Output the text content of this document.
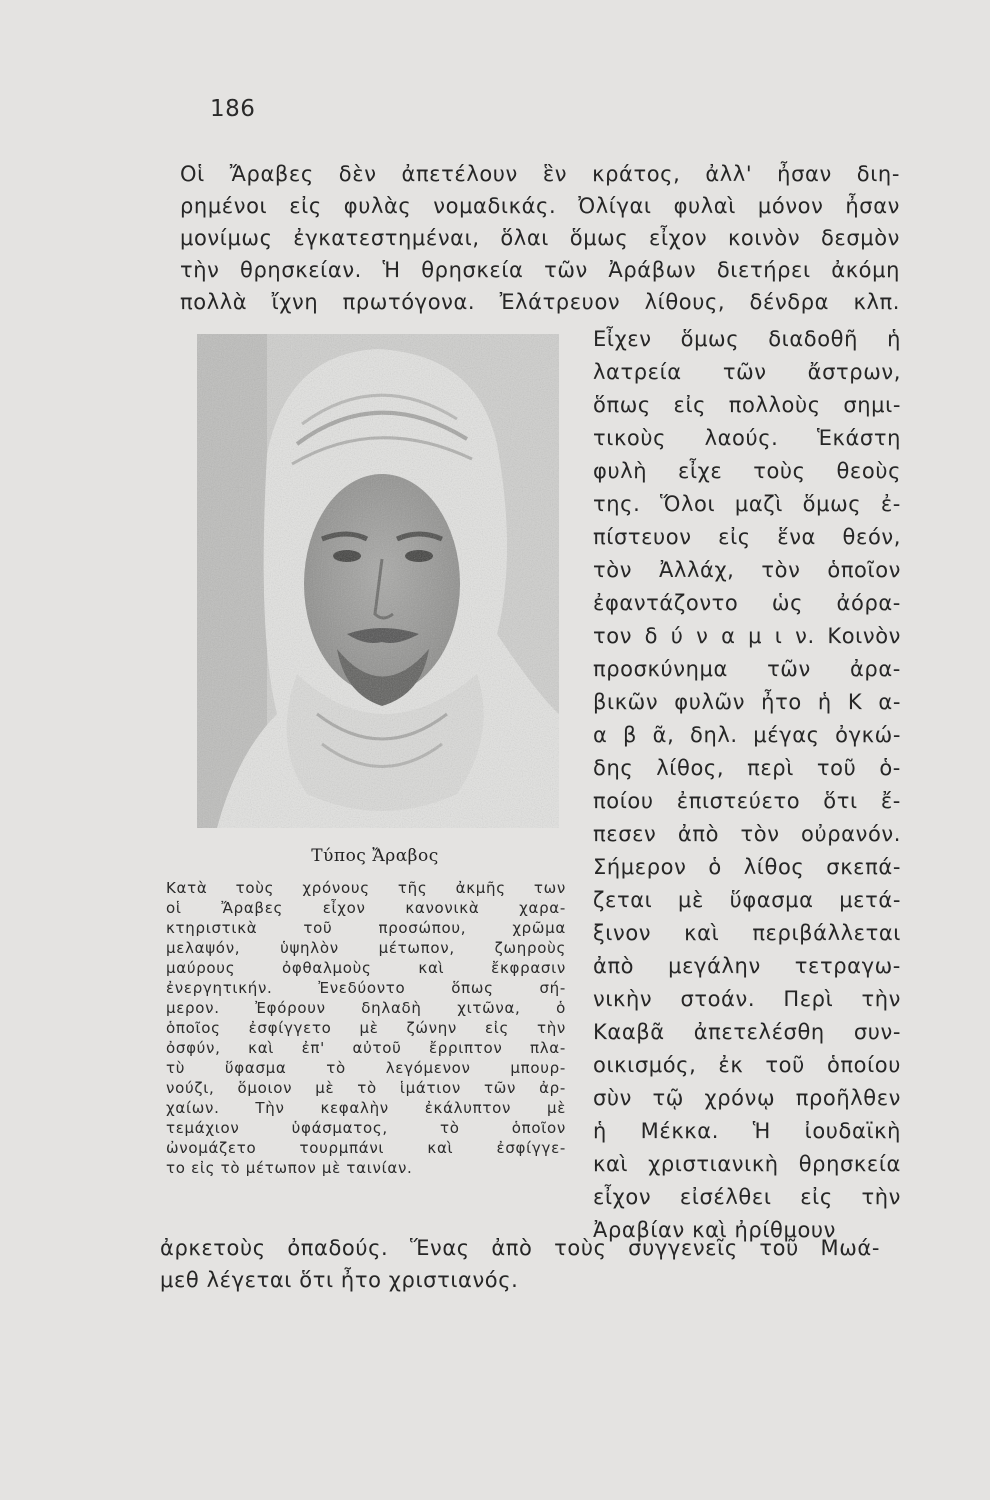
186
Οἱ Ἄραβες δὲν ἀπετέλουν ἓν κράτος, ἀλλ' ἦσαν διη-
ρημένοι εἰς φυλὰς νομαδικάς. Ὀλίγαι φυλαὶ μόνον ἦσαν
μονίμως ἐγκατεστημέναι, ὅλαι ὅμως εἶχον κοινὸν δεσμὸν
τὴν θρησκείαν. Ἡ θρησκεία τῶν Ἀράβων διετήρει ἀκόμη
πολλὰ ἴχνη πρωτόγονα. Ἐλάτρευον λίθους, δένδρα κλπ.
Εἶχεν ὅμως διαδοθῆ ἡ
λατρεία τῶν ἄστρων,
ὅπως εἰς πολλοὺς σημι-
τικοὺς λαούς. Ἑκάστη
φυλὴ εἶχε τοὺς θεοὺς
της. Ὅλοι μαζὶ ὅμως ἐ-
πίστευον εἰς ἕνα θεόν,
τὸν Ἀλλάχ, τὸν ὁποῖον
ἐφαντάζοντο ὡς ἀόρα-
τον δ ύ ν α μ ι ν. Κοινὸν
προσκύνημα τῶν ἀρα-
βικῶν φυλῶν ἦτο ἡ Κ α-
α β ᾶ, δηλ. μέγας ὀγκώ-
δης λίθος, περὶ τοῦ ὁ-
ποίου ἐπιστεύετο ὅτι ἔ-
πεσεν ἀπὸ τὸν οὐρανόν.
Σήμερον ὁ λίθος σκεπά-
ζεται μὲ ὕφασμα μετά-
ξινον καὶ περιβάλλεται
ἀπὸ μεγάλην τετραγω-
νικὴν στοάν. Περὶ τὴν
Κααβᾶ ἀπετελέσθη συν-
οικισμός, ἐκ τοῦ ὁποίου
σὺν τῷ χρόνῳ προῆλθεν
ἡ Μέκκα. Ἡ ἰουδαϊκὴ
καὶ χριστιανικὴ θρησκεία
εἶχον εἰσέλθει εἰς τὴν
Ἀραβίαν καὶ ἠρίθμουν
Τύπος Ἄραβος
Κατὰ τοὺς χρόνους τῆς ἀκμῆς των
οἱ Ἄραβες εἶχον κανονικὰ χαρα-
κτηριστικὰ τοῦ προσώπου, χρῶμα
μελαψόν, ὑψηλὸν μέτωπον, ζωηροὺς
μαύρους ὀφθαλμοὺς καὶ ἔκφρασιν
ἐνεργητικήν. Ἐνεδύοντο ὅπως σή-
μερον. Ἐφόρουν δηλαδὴ χιτῶνα, ὁ
ὁποῖος ἐσφίγγετο μὲ ζώνην εἰς τὴν
ὀσφύν, καὶ ἐπ' αὐτοῦ ἔρριπτον πλα-
τὺ ὕφασμα τὸ λεγόμενον μπουρ-
νούζι, ὅμοιον μὲ τὸ ἱμάτιον τῶν ἀρ-
χαίων. Τὴν κεφαλὴν ἐκάλυπτον μὲ
τεμάχιον ὑφάσματος, τὸ ὁποῖον
ὠνομάζετο τουρμπάνι καὶ ἐσφίγγε-
το εἰς τὸ μέτωπον μὲ ταινίαν.
ἀρκετοὺς ὀπαδούς. Ἕνας ἀπὸ τοὺς συγγενεῖς τοῦ Μωά-
μεθ λέγεται ὅτι ἦτο χριστιανός.
